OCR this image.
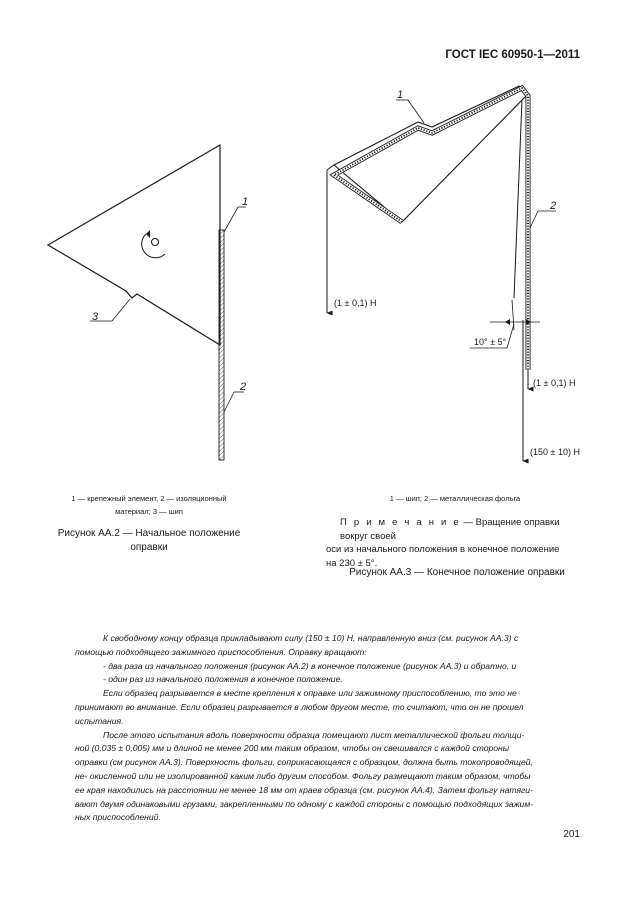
ГОСТ IEC 60950-1—2011
1
2
3
(1 ± 0,1) Н
(1 ± 0,1) Н
(150 ± 10) Н
10° ± 5°
1
2
1 — крепежный элемент, 2 — изоляционный
материал; 3 — шип
Рисунок АА.2 — Начальное положение
оправки
1 — шип; 2 — металлическая фольга
П р и м е ч а н и е — Вращение оправки вокруг своей
оси из начального положения в конечное положение
на 230 ± 5°.
Рисунок АА.3 — Конечное положение оправки

К свободному концу образца прикладывают силу (150 ± 10) Н, направленную вниз (см. рисунок АА.3) с

помощью подходящего зажимного приспособления. Оправку вращают:

- два раза из начального положения (рисунок АА.2) в конечное положение (рисунок АА.3) и обратно, и

- один раз из начального положения в конечное положение.

Если образец разрывается в месте крепления к оправке или зажимному приспособлению, то это не

принимают во внимание. Если образец разрывается в любом другом месте, то считают, что он не прошел

испытания.

После этого испытания вдоль поверхности образца помещают лист металлической фольги толщи-

ной (0,035 ± 0,005) мм и длиной не менее 200 мм таким образом, чтобы он свешивался с каждой стороны

оправки (см рисунок АА.3). Поверхность фольги, соприкасающаяся с образцом, должна быть токопроводящей,

не- окисленной или не изолированной каким либо другим способом. Фольгу размещают таким образом, чтобы

ее края находились на расстоянии не менее 18 мм от краев образца (см. рисунок АА.4). Затем фольгу натяги-

вают двумя одинаковыми грузами, закрепленными по одному с каждой стороны с помощью подходящих зажим-

ных приспособлений.

201
